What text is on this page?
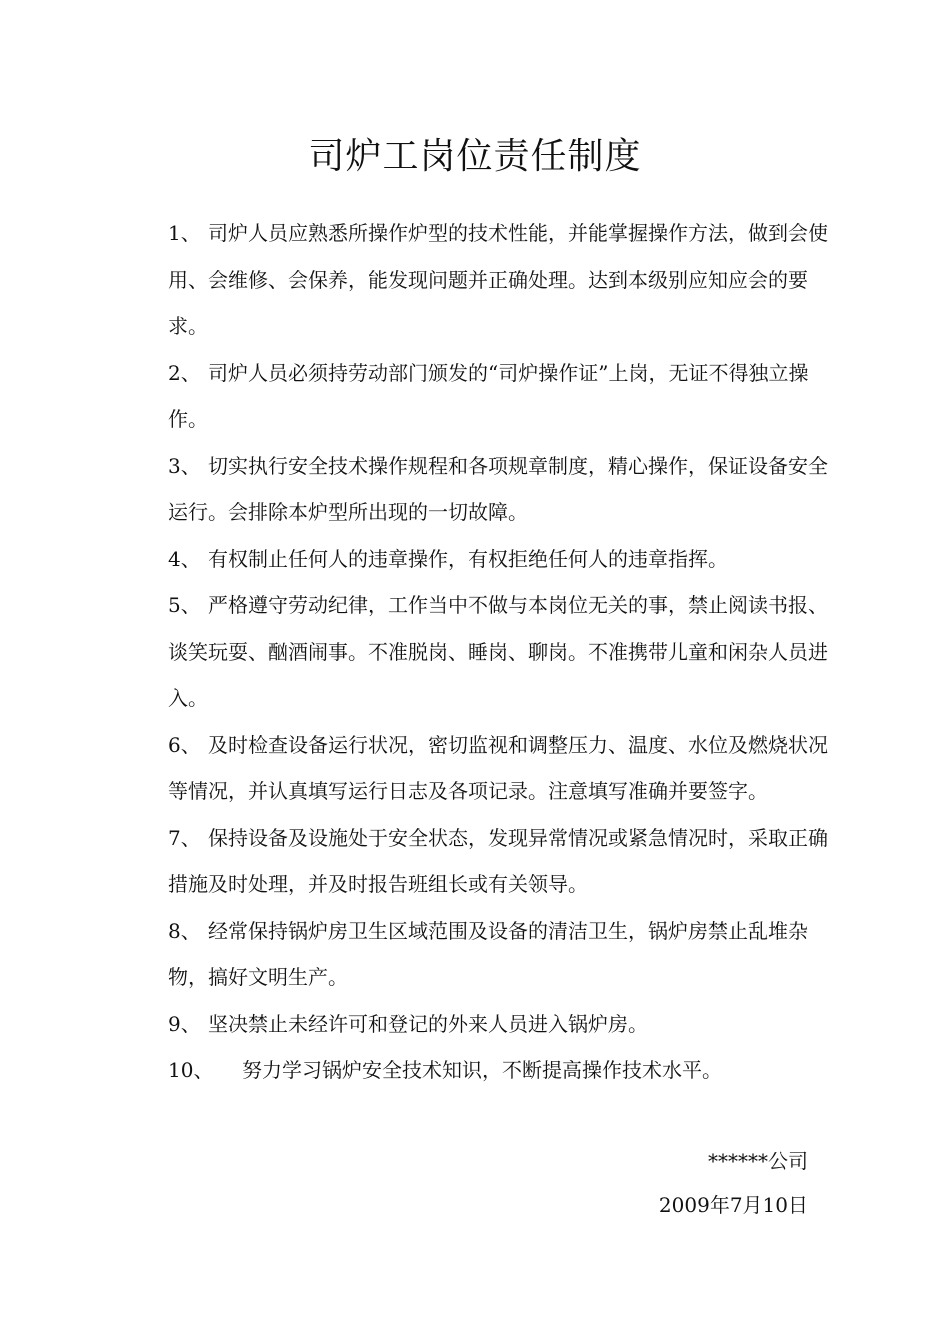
司炉工岗位责任制度

1、 司炉人员应熟悉所操作炉型的技术性能，并能掌握操作方法，做到会使用、会维修、会保养，能发现问题并正确处理。达到本级别应知应会的要求。

2、 司炉人员必须持劳动部门颁发的“司炉操作证”上岗，无证不得独立操作。

3、 切实执行安全技术操作规程和各项规章制度，精心操作，保证设备安全运行。会排除本炉型所出现的一切故障。

4、 有权制止任何人的违章操作，有权拒绝任何人的违章指挥。

5、 严格遵守劳动纪律，工作当中不做与本岗位无关的事，禁止阅读书报、谈笑玩耍、酗酒闹事。不准脱岗、睡岗、聊岗。不准携带儿童和闲杂人员进入。

6、 及时检查设备运行状况，密切监视和调整压力、温度、水位及燃烧状况等情况，并认真填写运行日志及各项记录。注意填写准确并要签字。

7、 保持设备及设施处于安全状态，发现异常情况或紧急情况时，采取正确措施及时处理，并及时报告班组长或有关领导。

8、 经常保持锅炉房卫生区域范围及设备的清洁卫生，锅炉房禁止乱堆杂物，搞好文明生产。

9、 坚决禁止未经许可和登记的外来人员进入锅炉房。

10、 努力学习锅炉安全技术知识，不断提高操作技术水平。

******公司
2009年7月10日
